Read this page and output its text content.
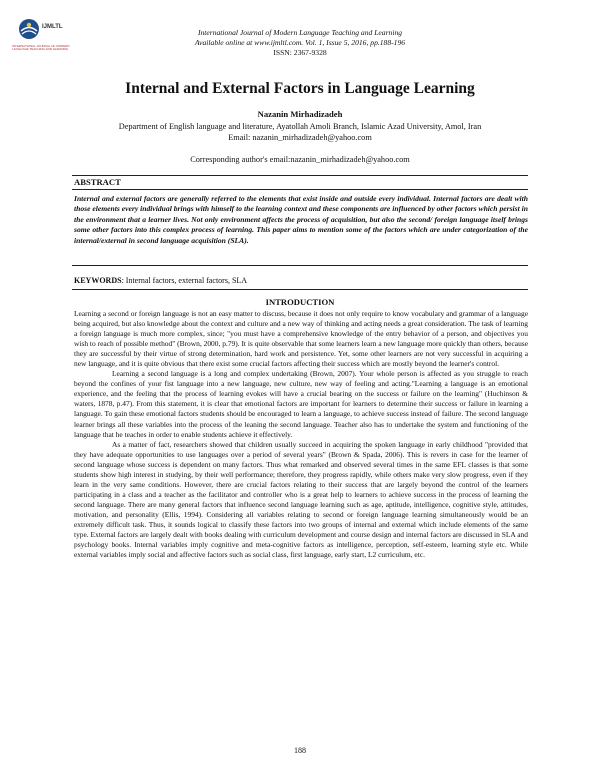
IJMLTL
INTERNATIONAL JOURNAL OF MODERN LANGUAGE TEACHING AND LEARNING
International Journal of Modern Language Teaching and Learning
Available online at www.ijmltl.com. Vol. 1, Issue 5, 2016, pp.188-196
ISSN: 2367-9328
Internal and External Factors in Language Learning
Nazanin Mirhadizadeh
Department of English language and literature, Ayatollah Amoli Branch, Islamic Azad University, Amol, Iran
Email: nazanin_mirhadizadeh@yahoo.com
Corresponding author's email:nazanin_mirhadizadeh@yahoo.com
ABSTRACT
Internal and external factors are generally referred to the elements that exist inside and outside every individual. Internal factors are dealt with those elements every individual brings with himself to the learning context and these components are influenced by other factors which persist in the environment that a learner lives. Not only environment affects the process of acquisition, but also the second/ foreign language itself brings some other factors into this complex process of learning. This paper aims to mention some of the factors which are under categorization of the internal/external in second language acquisition (SLA).
KEYWORDS: Internal factors, external factors, SLA
INTRODUCTION

Learning a second or foreign language is not an easy matter to discuss, because it does not only require to know vocabulary and grammar of a language being acquired, but also knowledge about the context and culture and a new way of thinking and acting needs a great consideration. The task of learning a foreign language is much more complex, since; "you must have a comprehensive knowledge of the entry behavior of a person, and objectives you wish to reach of possible method" (Brown, 2000, p.79). It is quite observable that some learners learn a new language more quickly than others, because they are successful by their virtue of strong determination, hard work and persistence. Yet, some other learners are not very successful in acquiring a new language, and it is quite obvious that there exist some crucial factors affecting their success which are mostly beyond the learner's control.

Learning a second language is a long and complex undertaking (Brown, 2007). Your whole person is affected as you struggle to reach beyond the confines of your fist language into a new language, new culture, new way of feeling and acting."Learning a language is an emotional experience, and the feeling that the process of learning evokes will have a crucial bearing on the success or failure on the learning" (Huchinson & waters, 1878, p.47). From this statement, it is clear that emotional factors are important for learners to determine their success or failure in learning a language. To gain these emotional factors students should be encouraged to learn a language, to achieve success instead of failure. The second language learner brings all these variables into the process of the leaning the second language. Teacher also has to undertake the system and functioning of the language that he teaches in order to enable students achieve it effectively.

As a matter of fact, researchers showed that children usually succeed in acquiring the spoken language in early childhood "provided that they have adequate opportunities to use languages over a period of several years" (Brown & Spada, 2006). This is revers in case for the learner of second language whose success is dependent on many factors. Thus what remarked and observed several times in the same EFL classes is that some students show high interest in studying, by their well performance; therefore, they progress rapidly, while others make very slow progress, even if they learn in the very same conditions. However, there are crucial factors relating to their success that are largely beyond the control of the learners participating in a class and a teacher as the facilitator and controller who is a great help to learners to achieve success in the process of learning the second language. There are many general factors that influence second language learning such as age, aptitude, intelligence, cognitive style, attitudes, motivation, and personality (Ellis, 1994). Considering all variables relating to second or foreign language learning simultaneously would be an extremely difficult task. Thus, it sounds logical to classify these factors into two groups of internal and external which include elements of the same type. External factors are largely dealt with books dealing with curriculum development and course design and internal factors are discussed in SLA and psychology books. Internal variables imply cognitive and meta-cognitive factors as intelligence, perception, self-esteem, learning style etc. While external variables imply social and affective factors such as social class, first language, early start, L2 curriculum, etc.

188
